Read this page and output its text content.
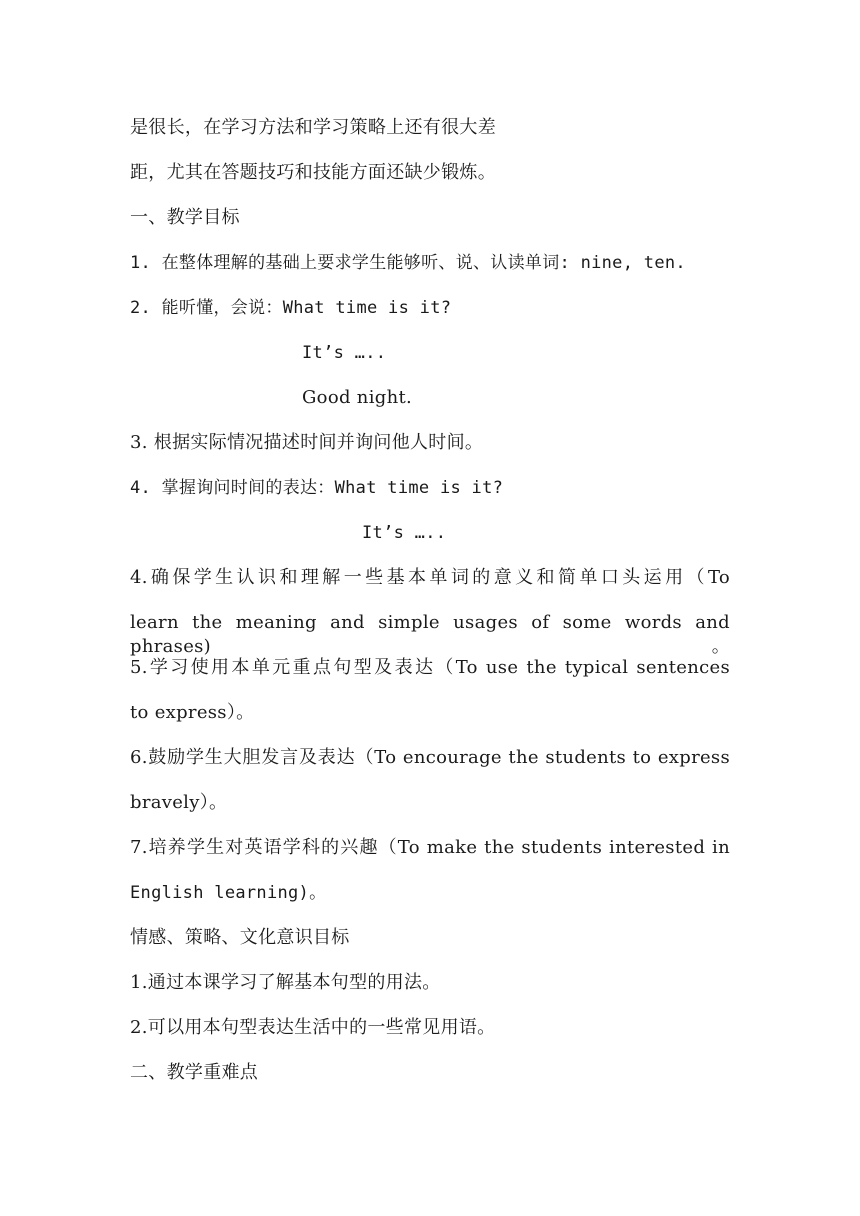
是很长，在学习方法和学习策略上还有很大差
距，尤其在答题技巧和技能方面还缺少锻炼。
一、教学目标
1. 在整体理解的基础上要求学生能够听、说、认读单词: nine, ten.
2. 能听懂，会说：What time is it?
It’s …..
Good night.
3. 根据实际情况描述时间并询问他人时间。
4. 掌握询问时间的表达：What time is it?
It’s …..
4.确保学生认识和理解一些基本单词的意义和简单口头运用（To
learn the meaning and simple usages of some words and phrases)。
5.学习使用本单元重点句型及表达（To use the typical sentences
to express）。
6.鼓励学生大胆发言及表达（To encourage the students to express
bravely）。
7.培养学生对英语学科的兴趣（To make the students interested in
English learning)。
情感、策略、文化意识目标
1.通过本课学习了解基本句型的用法。
2.可以用本句型表达生活中的一些常见用语。
二、教学重难点
